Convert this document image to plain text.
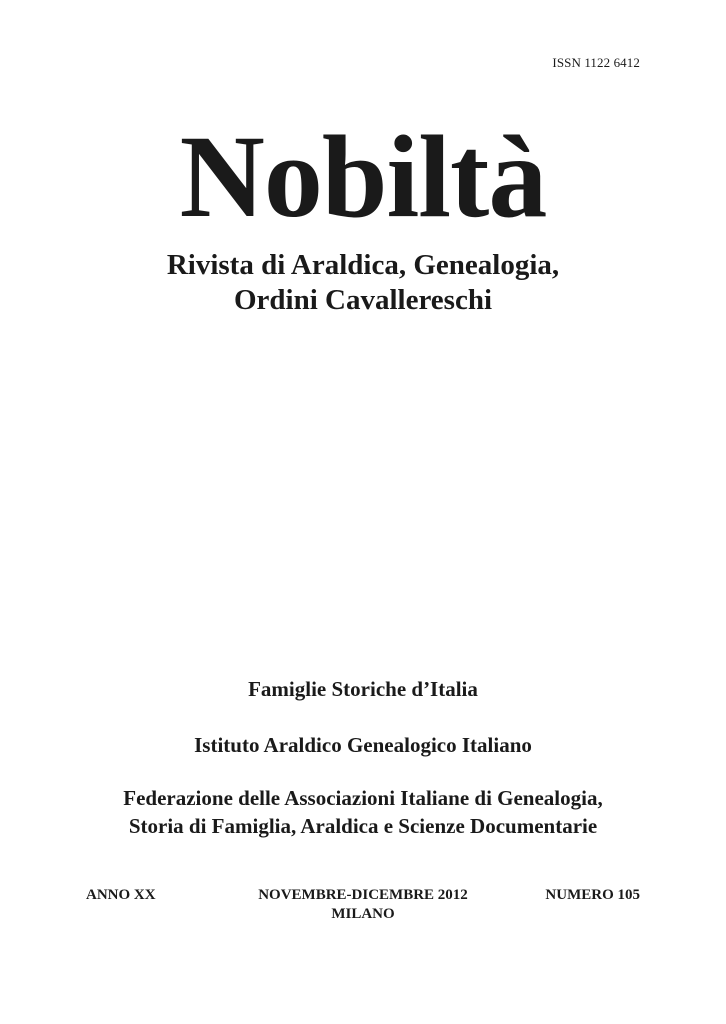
ISSN 1122 6412
Nobiltà
Rivista di Araldica, Genealogia,
Ordini Cavallereschi
Famiglie Storiche d’Italia
Istituto Araldico Genealogico Italiano
Federazione delle Associazioni Italiane di Genealogia,
Storia di Famiglia, Araldica e Scienze Documentarie
ANNO XX	NOVEMBRE-DICEMBRE 2012
MILANO
NUMERO 105
